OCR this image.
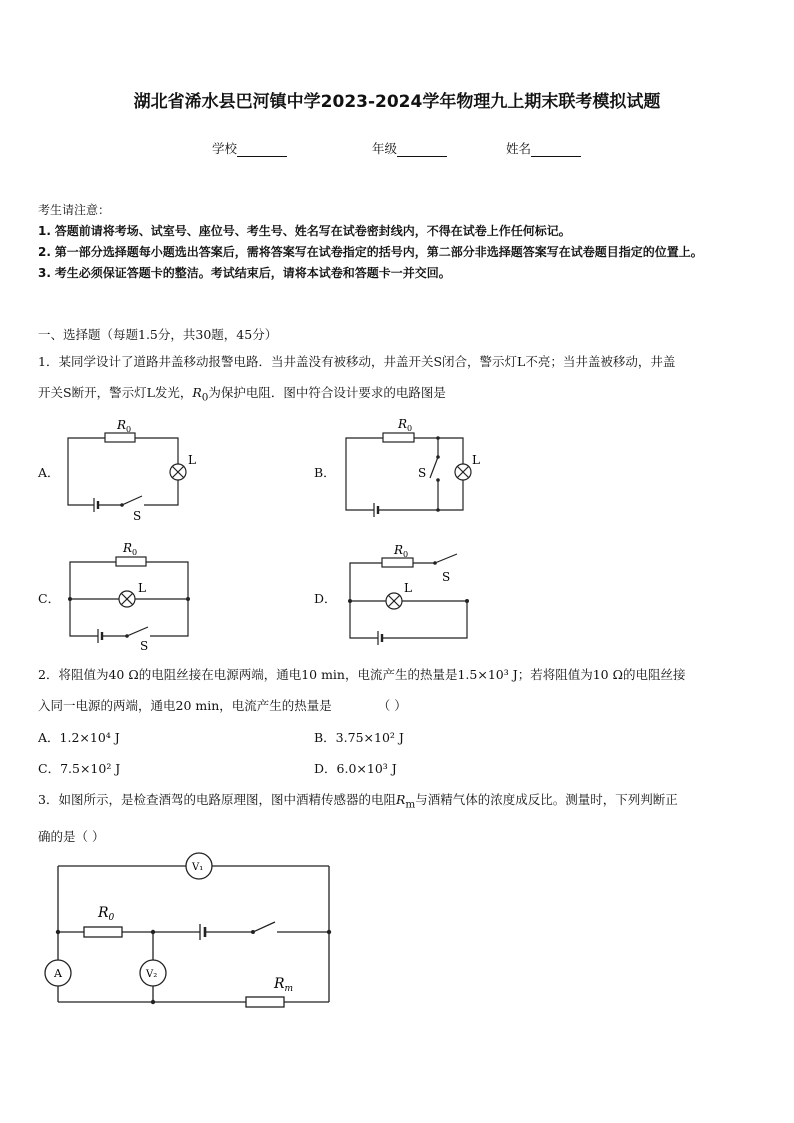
湖北省浠水县巴河镇中学2023-2024学年物理九上期末联考模拟试题
学校	年级	姓名
考生请注意：
1. 答题前请将考场、试室号、座位号、考生号、姓名写在试卷密封线内，不得在试卷上作任何标记。
2. 第一部分选择题每小题选出答案后，需将答案写在试卷指定的括号内，第二部分非选择题答案写在试卷题目指定的位置上。
3. 考生必须保证答题卡的整洁。考试结束后，请将本试卷和答题卡一并交回。
一、选择题（每题1.5分，共30题，45分）
1．某同学设计了道路井盖移动报警电路．当井盖没有被移动，井盖开关S闭合，警示灯L不亮；当井盖被移动，井盖
开关S断开，警示灯L发光，$R_0$为保护电阻．图中符合设计要求的电路图是
A．	B．
C．	D．
$R_0$
L
S
$R_0$
L
S
$R_0$
L
S
$R_0$
L
S
2．将阻值为40 Ω的电阻丝接在电源两端，通电10 min，电流产生的热量是1.5×10³ J；若将阻值为10 Ω的电阻丝接
入同一电源的两端，通电20 min，电流产生的热量是	（ ）
A．1.2×10⁴ J	B．3.75×10² J
C．7.5×10² J	D．6.0×10³ J
3．如图所示，是检查酒驾的电路原理图，图中酒精传感器的电阻$R_m$与酒精气体的浓度成反比。测量时，下列判断正
确的是（ ）
V₁
A	V₂
$R_0$
$R_m$
